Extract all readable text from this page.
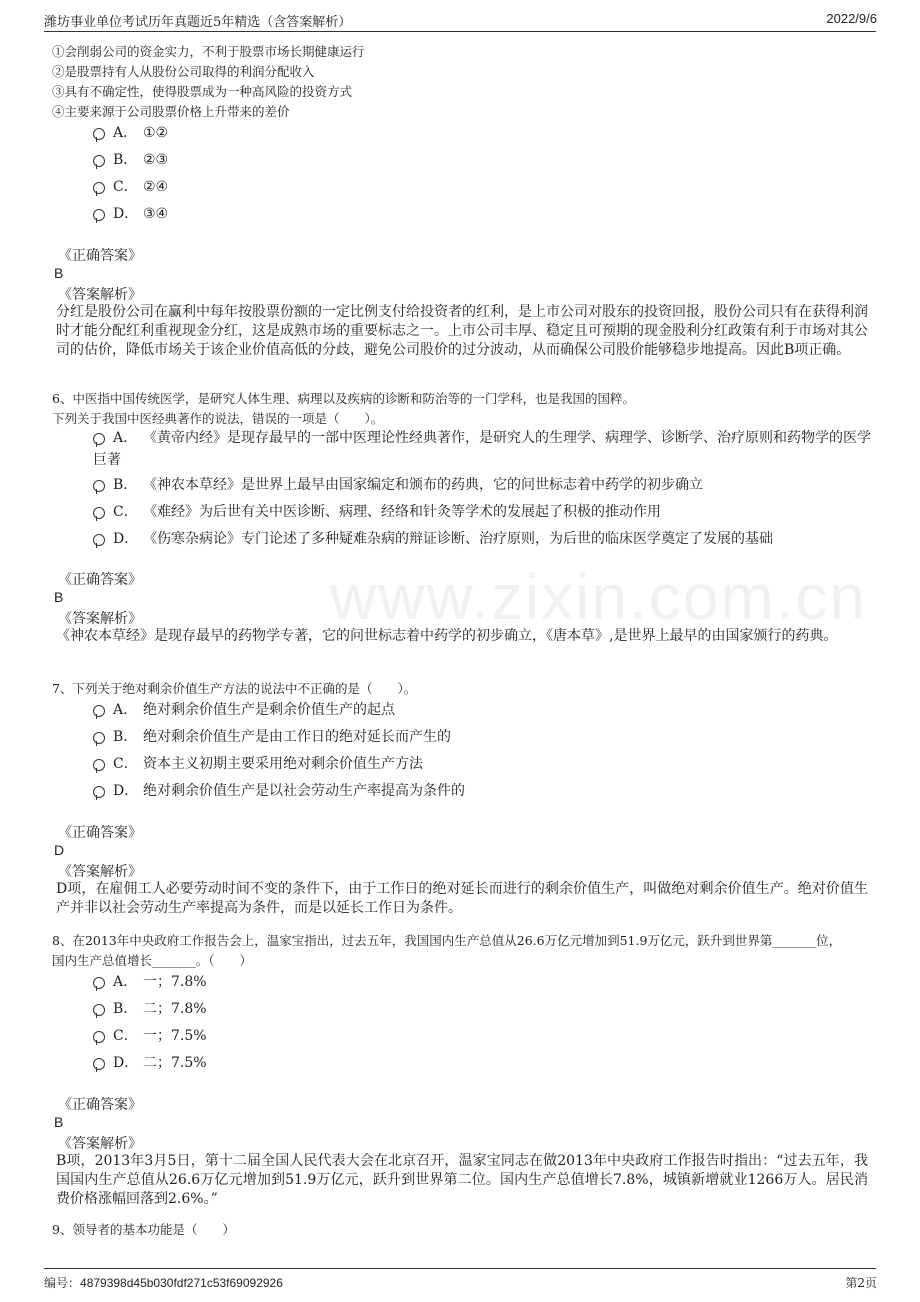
潍坊事业单位考试历年真题近5年精选（含答案解析）	2022/9/6
www.zixin.com.cn
①会削弱公司的资金实力，不利于股票市场长期健康运行
②是股票持有人从股份公司取得的利润分配收入
③具有不确定性，使得股票成为一种高风险的投资方式
④主要来源于公司股票价格上升带来的差价
A． ①②
B． ②③
C． ②④
D． ③④
《正确答案》
B
《答案解析》
分红是股份公司在赢利中每年按股票份额的一定比例支付给投资者的红利，是上市公司对股东的投资回报，股份公司只有在获得利润时才能分配红利重视现金分红，这是成熟市场的重要标志之一。上市公司丰厚、稳定且可预期的现金股利分红政策有利于市场对其公司的估价，降低市场关于该企业价值高低的分歧，避免公司股价的过分波动，从而确保公司股价能够稳步地提高。因此B项正确。
6、中医指中国传统医学，是研究人体生理、病理以及疾病的诊断和防治等的一门学科，也是我国的国粹。
下列关于我国中医经典著作的说法，错误的一项是（　　）。
A． 《黄帝内经》是现存最早的一部中医理论性经典著作，是研究人的生理学、病理学、诊断学、治疗原则和药物学的医学巨著
B． 《神农本草经》是世界上最早由国家编定和颁布的药典，它的问世标志着中药学的初步确立
C． 《难经》为后世有关中医诊断、病理、经络和针灸等学术的发展起了积极的推动作用
D． 《伤寒杂病论》专门论述了多种疑难杂病的辩证诊断、治疗原则，为后世的临床医学奠定了发展的基础
《正确答案》
B
《答案解析》
《神农本草经》是现存最早的药物学专著，它的问世标志着中药学的初步确立，《唐本草》,是世界上最早的由国家颁行的药典。
7、下列关于绝对剩余价值生产方法的说法中不正确的是（　　）。
A． 绝对剩余价值生产是剩余价值生产的起点
B． 绝对剩余价值生产是由工作日的绝对延长而产生的
C． 资本主义初期主要采用绝对剩余价值生产方法
D． 绝对剩余价值生产是以社会劳动生产率提高为条件的
《正确答案》
D
《答案解析》
D项，在雇佣工人必要劳动时间不变的条件下，由于工作日的绝对延长而进行的剩余价值生产，叫做绝对剩余价值生产。绝对价值生产并非以社会劳动生产率提高为条件，而是以延长工作日为条件。
8、在2013年中央政府工作报告会上，温家宝指出，过去五年，我国国内生产总值从26.6万亿元增加到51.9万亿元，跃升到世界第_______位，
国内生产总值增长_______。（　　）
A． 一；7.8%
B． 二；7.8%
C． 一；7.5%
D． 二；7.5%
《正确答案》
B
《答案解析》
B项，2013年3月5日，第十二届全国人民代表大会在北京召开，温家宝同志在做2013年中央政府工作报告时指出：“过去五年，我国国内生产总值从26.6万亿元增加到51.9万亿元，跃升到世界第二位。国内生产总值增长7.8%，城镇新增就业1266万人。居民消费价格涨幅回落到2.6%。”
9、领导者的基本功能是（　　）
编号：4879398d45b030fdf271c53f69092926	第2页
